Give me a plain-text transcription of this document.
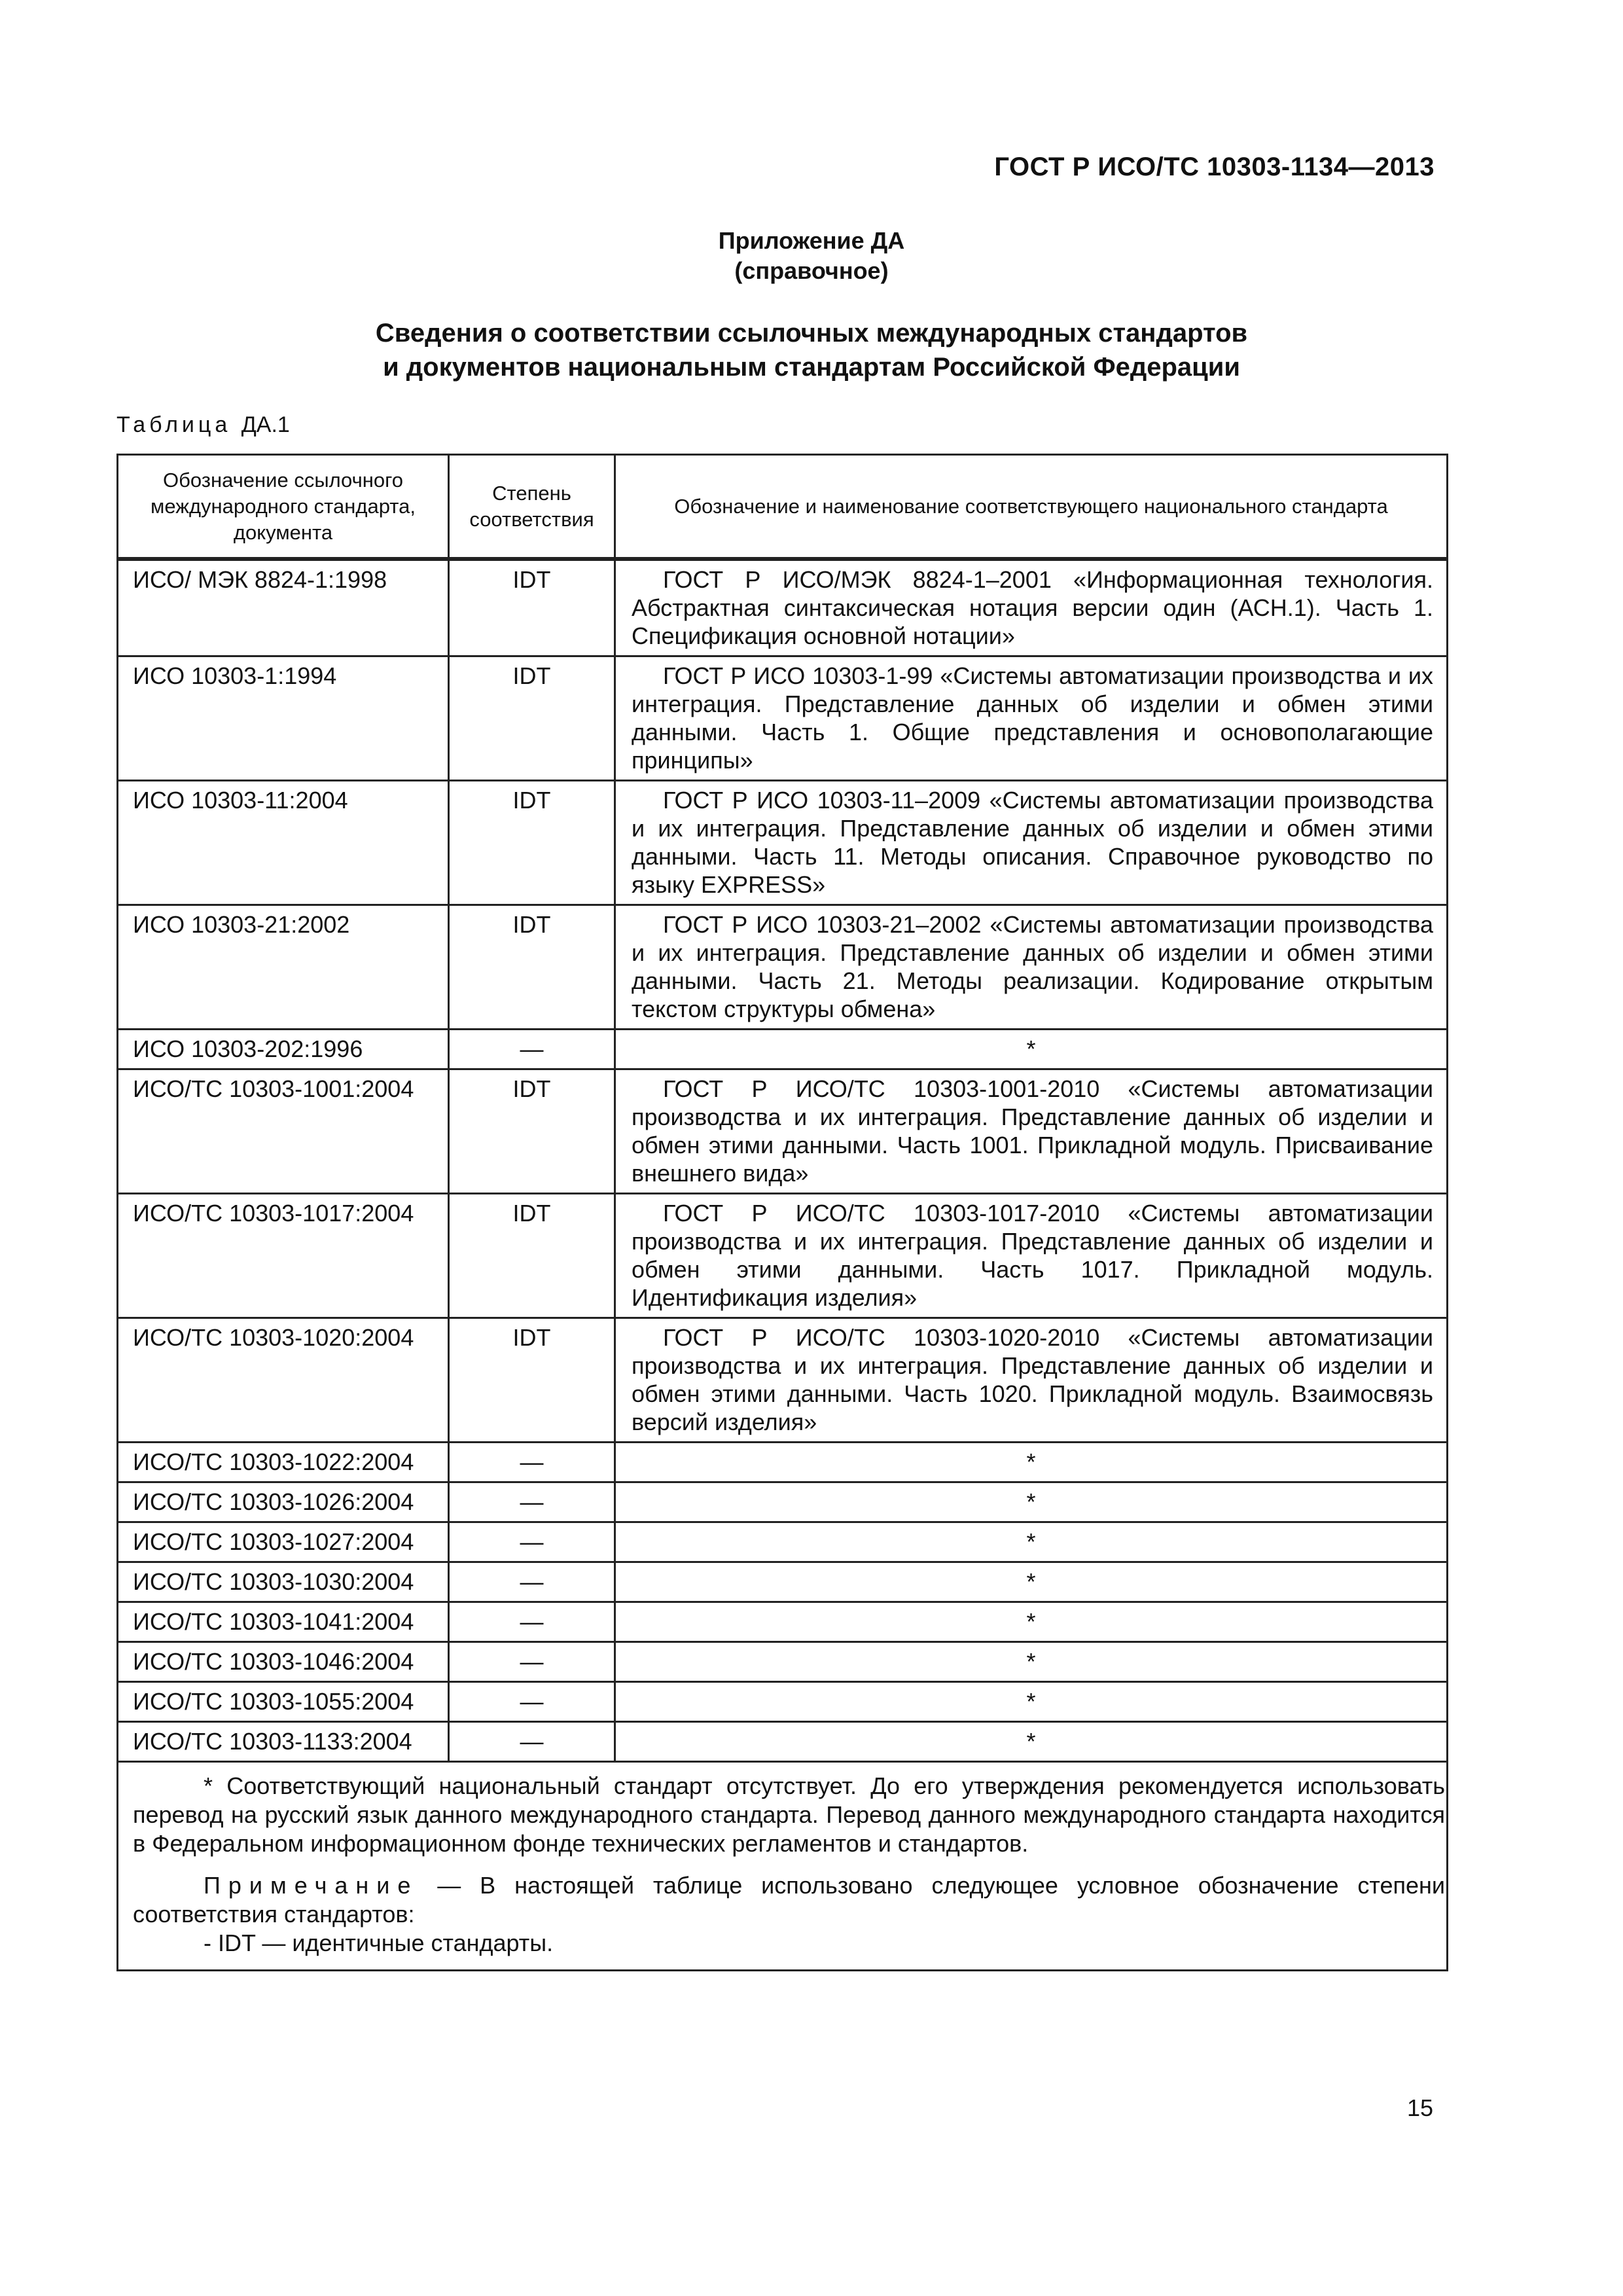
ГОСТ Р ИСО/ТС 10303-1134—2013
Приложение ДА
(справочное)
Сведения о соответствии ссылочных международных стандартов
и документов национальным стандартам Российской Федерации
Таблица ДА.1
Обозначение ссылочного международного стандарта, документа	Степень соответствия	Обозначение и наименование соответствующего национального стандарта
ИСО/ МЭК 8824-1:1998	IDT	ГОСТ Р ИСО/МЭК 8824-1–2001 «Информационная технология. Абстрактная синтаксическая нотация версии один (АСН.1). Часть 1. Спецификация основной нотации»
ИСО 10303-1:1994	IDT	ГОСТ Р ИСО 10303-1-99 «Системы автоматизации производства и их интеграция. Представление данных об изделии и обмен этими данными. Часть 1. Общие представления и основополагающие принципы»
ИСО 10303-11:2004	IDT	ГОСТ Р ИСО 10303-11–2009 «Системы автоматизации производства и их интеграция. Представление данных об изделии и обмен этими данными. Часть 11. Методы описания. Справочное руководство по языку EXPRESS»
ИСО 10303-21:2002	IDT	ГОСТ Р ИСО 10303-21–2002 «Системы автоматизации производства и их интеграция. Представление данных об изделии и обмен этими данными. Часть 21. Методы реализации. Кодирование открытым текстом структуры обмена»
ИСО 10303-202:1996	—	*
ИСО/ТС 10303-1001:2004	IDT	ГОСТ Р ИСО/ТС 10303-1001-2010 «Системы автоматизации производства и их интеграция. Представление данных об изделии и обмен этими данными. Часть 1001. Прикладной модуль. Присваивание внешнего вида»
ИСО/ТС 10303-1017:2004	IDT	ГОСТ Р ИСО/ТС 10303-1017-2010 «Системы автоматизации производства и их интеграция. Представление данных об изделии и обмен этими данными. Часть 1017. Прикладной модуль. Идентификация изделия»
ИСО/ТС 10303-1020:2004	IDT	ГОСТ Р ИСО/ТС 10303-1020-2010 «Системы автоматизации производства и их интеграция. Представление данных об изделии и обмен этими данными. Часть 1020. Прикладной модуль. Взаимосвязь версий изделия»
ИСО/ТС 10303-1022:2004	—	*
ИСО/ТС 10303-1026:2004	—	*
ИСО/ТС 10303-1027:2004	—	*
ИСО/ТС 10303-1030:2004	—	*
ИСО/ТС 10303-1041:2004	—	*
ИСО/ТС 10303-1046:2004	—	*
ИСО/ТС 10303-1055:2004	—	*
ИСО/ТС 10303-1133:2004	—	*

* Соответствующий национальный стандарт отсутствует. До его утверждения рекомендуется использовать перевод на русский язык данного международного стандарта. Перевод данного международного стандарта находится в Федеральном информационном фонде технических регламентов и стандартов.

Примечание — В настоящей таблице использовано следующее условное обозначение степени соответствия стандартов:

- IDT — идентичные стандарты.		

15
